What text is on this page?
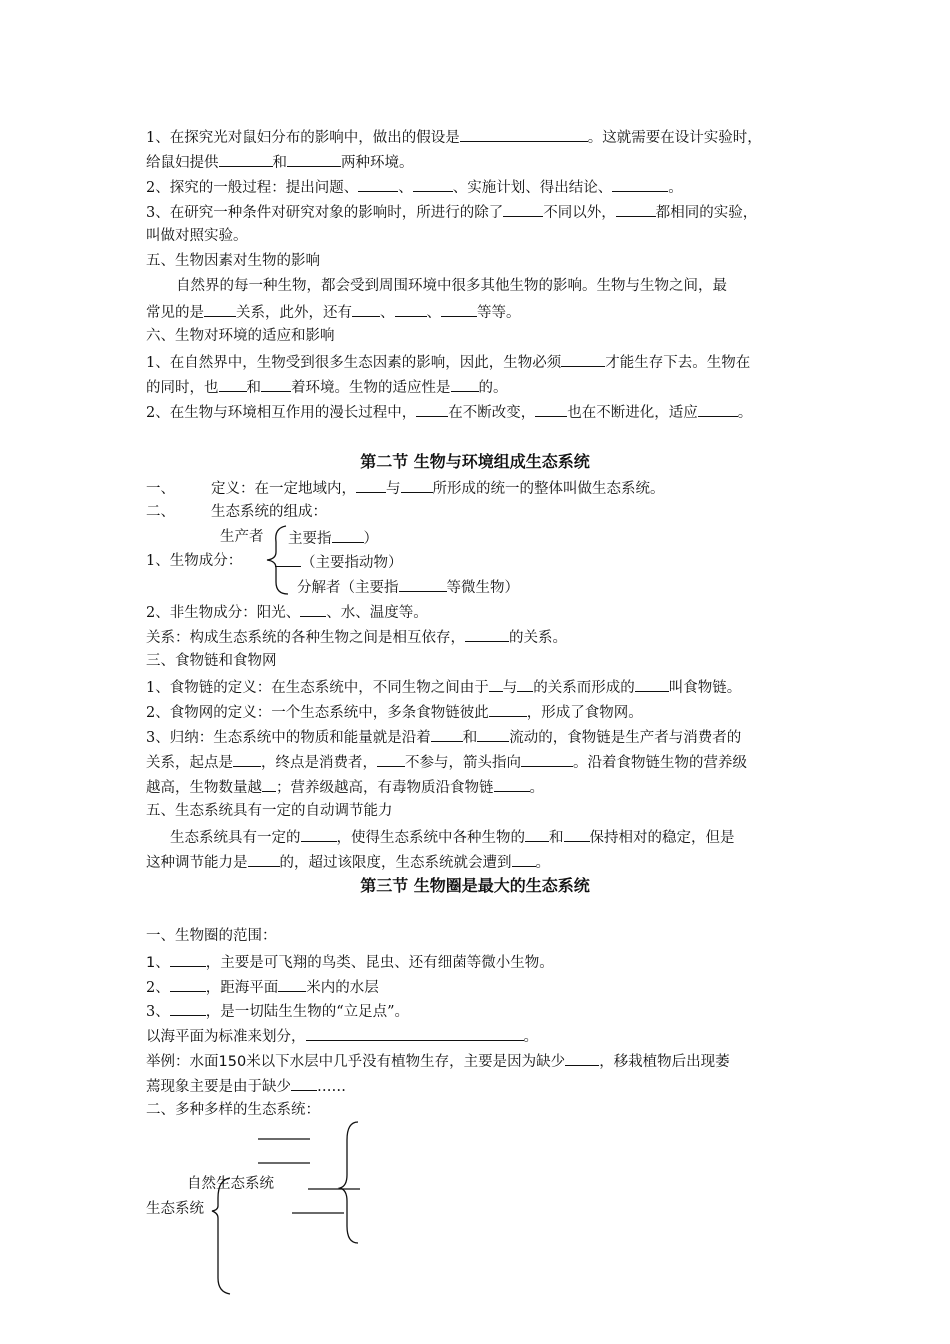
1、在探究光对鼠妇分布的影响中，做出的假设是	。这就需要在设计实验时，
给鼠妇提供	和	两种环境。
2、探究的一般过程：提出问题、	、	、实施计划、得出结论、	。
3、在研究一种条件对研究对象的影响时，所进行的除了	不同以外，	都相同的实验，
叫做对照实验。
五、生物因素对生物的影响
自然界的每一种生物，都会受到周围环境中很多其他生物的影响。生物与生物之间，最
常见的是 关系，此外，还有 、 、 等等。
六、生物对环境的适应和影响
1、在自然界中，生物受到很多生态因素的影响，因此，生物必须	才能生存下去。生物在
的同时，也 和 着环境。生物的适应性是 的。
2、在生物与环境相互作用的漫长过程中， 在不断改变， 也在不断进化，适应	。
第二节 生物与环境组成生态系统
一、 定义：在一定地域内， 与 所形成的统一的整体叫做生态系统。
二、 生态系统的组成：
生产者 主要指 ）
1、生物成分：	（主要指动物）
分解者（主要指	等微生物）
2、非生物成分：阳光、 、水、温度等。
关系：构成生态系统的各种生物之间是相互依存，	的关系。
三、食物链和食物网
1、食物链的定义：在生态系统中，不同生物之间由于 与 的关系而形成的 叫食物链。
2、食物网的定义：一个生态系统中，多条食物链彼此	，形成了食物网。
3、归纳：生态系统中的物质和能量就是沿着 和 流动的，食物链是生产者与消费者的
关系，起点是 ，终点是消费者， 不参与，箭头指向	。沿着食物链生物的营养级
越高，生物数量越 ；营养级越高，有毒物质沿食物链 。
五、生态系统具有一定的自动调节能力
生态系统具有一定的 ，使得生态系统中各种生物的 和 保持相对的稳定，但是
这种调节能力是 的，超过该限度，生态系统就会遭到 。
第三节 生物圈是最大的生态系统
一、生物圈的范围：
1、 ，主要是可飞翔的鸟类、昆虫、还有细菌等微小生物。
2、 ，距海平面 米内的水层
3、 ，是一切陆生生物的“立足点”。
以海平面为标准来划分，	。
举例：水面150米以下水层中几乎没有植物生存，主要是因为缺少 ，移栽植物后出现萎
蔫现象主要是由于缺少 ……
二、多种多样的生态系统：
自然生态系统
生态系统
